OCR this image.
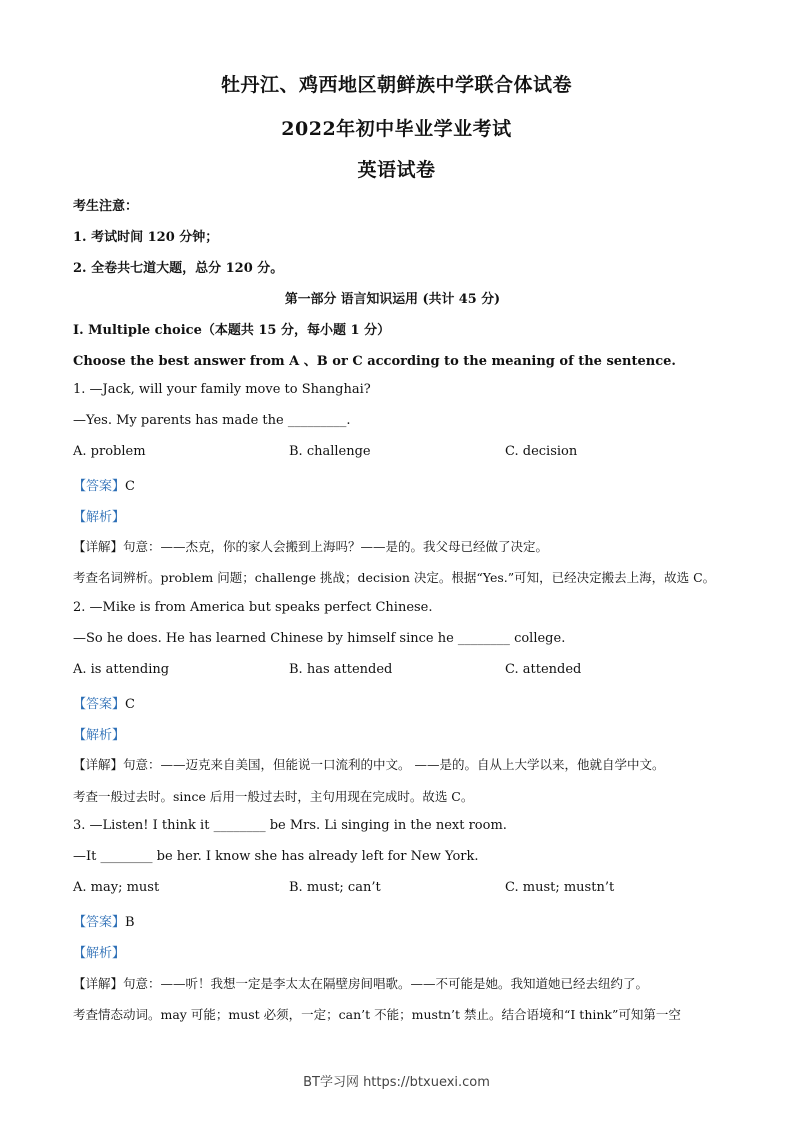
牡丹江、鸡西地区朝鲜族中学联合体试卷
2022年初中毕业学业考试
英语试卷
考生注意：
1. 考试时间 120 分钟；
2. 全卷共七道大题，总分 120 分。
第一部分 语言知识运用 (共计 45 分)
I. Multiple choice（本题共 15 分，每小题 1 分）
Choose the best answer from A 、B or C according to the meaning of the sentence.
1. —Jack, will your family move to Shanghai?
—Yes. My parents has made the _________.
A. problem	B. challenge	C. decision
【答案】C
【解析】
【详解】句意：——杰克，你的家人会搬到上海吗？——是的。我父母已经做了决定。
考查名词辨析。problem 问题；challenge 挑战；decision 决定。根据“Yes.”可知，已经决定搬去上海，故选 C。
2. —Mike is from America but speaks perfect Chinese.
—So he does. He has learned Chinese by himself since he ________ college.
A. is attending	B. has attended	C. attended
【答案】C
【解析】
【详解】句意：——迈克来自美国，但能说一口流利的中文。 ——是的。自从上大学以来，他就自学中文。
考查一般过去时。since 后用一般过去时，主句用现在完成时。故选 C。
3. —Listen! I think it ________ be Mrs. Li singing in the next room.
—It ________ be her. I know she has already left for New York.
A. may; must	B. must; can’t	C. must; mustn’t
【答案】B
【解析】
【详解】句意：——听！我想一定是李太太在隔壁房间唱歌。——不可能是她。我知道她已经去纽约了。
考查情态动词。may 可能；must 必须，一定；can’t 不能；mustn’t 禁止。结合语境和“I think”可知第一空
BT学习网 https://btxuexi.com
